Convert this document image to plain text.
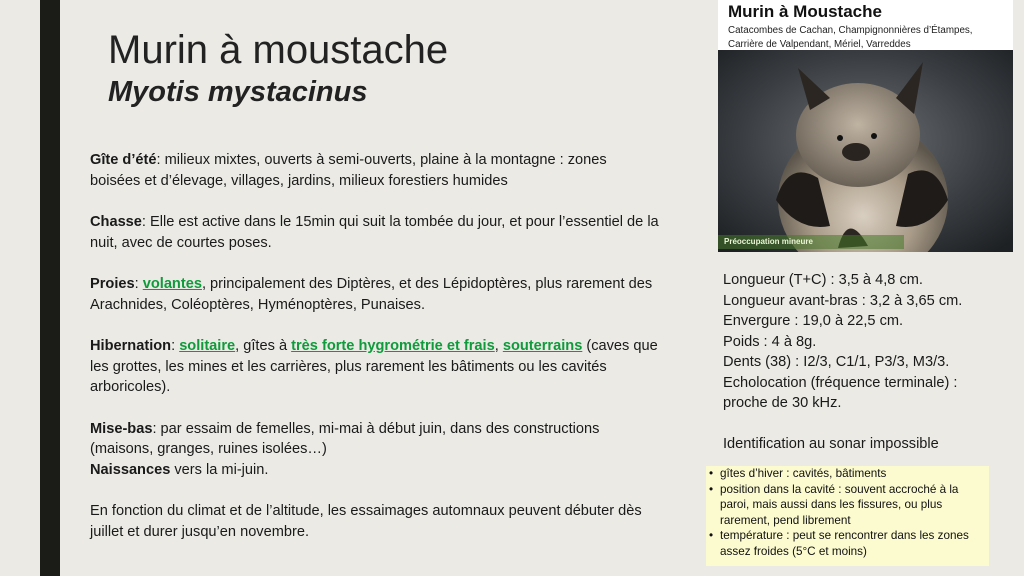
Murin à moustache
Myotis mystacinus

Gîte d’été: milieux mixtes, ouverts à semi-ouverts, plaine à la montagne : zones boisées et d’élevage, villages, jardins, milieux forestiers humides

Chasse: Elle est active dans le 15min qui suit la tombée du jour, et pour l’essentiel de la nuit, avec de courtes poses.

Proies: volantes, principalement des Diptères, et des Lépidoptères, plus rarement des Arachnides, Coléoptères, Hyménoptères, Punaises.

Hibernation: solitaire, gîtes à très forte hygrométrie et frais, souterrains (caves que les grottes, les mines et les carrières, plus rarement les bâtiments ou les cavités arboricoles).

Mise-bas: par essaim de femelles, mi-mai à début juin, dans des constructions (maisons, granges, ruines isolées…)
Naissances vers la mi-juin.

En fonction du climat et de l’altitude, les essaimages automnaux peuvent débuter dès juillet et durer jusqu’en novembre.

Murin à Moustache
Catacombes de Cachan, Champignonnières d’Étampes, Carrière de Valpendant, Mériel, Varreddes
Préoccupation mineure
Longueur (T+C) : 3,5 à 4,8 cm.
Longueur avant-bras : 3,2 à 3,65 cm.
Envergure : 19,0 à 22,5 cm.
Poids : 4 à 8g.
Dents (38) : I2/3, C1/1, P3/3, M3/3.
Echolocation (fréquence terminale) :
proche de 30 kHz.
Identification au sonar impossible
• gîtes d’hiver : cavités, bâtiments
• position dans la cavité : souvent accroché à la paroi, mais aussi dans les fissures, ou plus rarement, pend librement
• température : peut se rencontrer dans les zones assez froides (5°C et moins)
